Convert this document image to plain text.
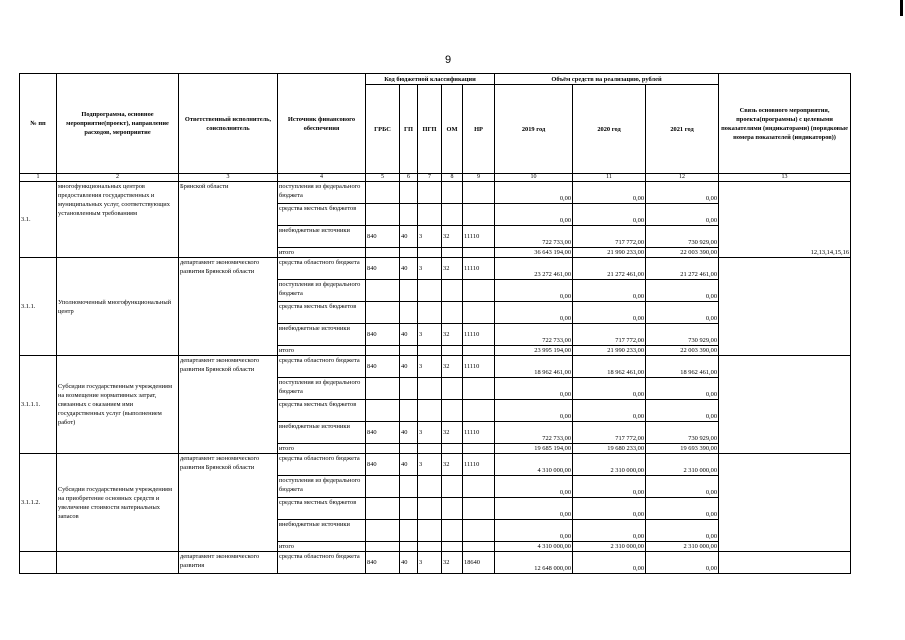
9
№ пп	Подпрограмма, основное мероприятие(проект), направление расходов, мероприятие	Ответственный исполнитель, соисполнитель	Источник финансового обеспечения	Код бюджетной классификации					Объём средств на реализацию, рублей			Связь основного мероприятия, проекта(программы) с целевыми показателями (индикаторами) (порядковые номера показателей (индикаторов))
				ГРБС	ГП	ПГП	ОМ	НР	2019 год	2020 год	2021 год	
1	2	3	4	5	6	7	8	9	10	11	12	13
3.1.	многофункциональных центров предоставления государственных и муниципальных услуг, соответствующих установленным требованиям	Брянской области	поступления из федерального бюджета						0,00	0,00	0,00	12,13,14,15,16
			средства местных бюджетов						0,00	0,00	0,00	
			внебюджетные источники	840	40	3	32	11110	722 733,00	717 772,00	730 929,00	
			итого						36 643 194,00	21 990 233,00	22 003 390,00	
3.1.1.	Уполномоченный многофункциональный центр	департамент экономического развития Брянской области	средства областного бюджета	840	40	3	32	11110	23 272 461,00	21 272 461,00	21 272 461,00	
			поступления из федерального бюджета						0,00	0,00	0,00	
			средства местных бюджетов						0,00	0,00	0,00	
			внебюджетные источники	840	40	3	32	11110	722 733,00	717 772,00	730 929,00	
			итого						23 995 194,00	21 990 233,00	22 003 390,00	
3.1.1.1.	Субсидии государственным учреждениям на возмещение нормативных затрат, связанных с оказанием ими государственных услуг (выполнением работ)	департамент экономического развития Брянской области	средства областного бюджета	840	40	3	32	11110	18 962 461,00	18 962 461,00	18 962 461,00	
			поступления из федерального бюджета						0,00	0,00	0,00	
			средства местных бюджетов						0,00	0,00	0,00	
			внебюджетные источники	840	40	3	32	11110	722 733,00	717 772,00	730 929,00	
			итого						19 685 194,00	19 680 233,00	19 693 390,00	
3.1.1.2.	Субсидии государственным учреждениям на приобретение основных средств и увеличение стоимости материальных запасов	департамент экономического развития Брянской области	средства областного бюджета	840	40	3	32	11110	4 310 000,00	2 310 000,00	2 310 000,00	
			поступления из федерального бюджета						0,00	0,00	0,00	
			средства местных бюджетов						0,00	0,00	0,00	
			внебюджетные источники						0,00	0,00	0,00	
			итого						4 310 000,00	2 310 000,00	2 310 000,00	
		департамент экономического развития	средства областного бюджета	840	40	3	32	18640	12 648 000,00	0,00	0,00	
